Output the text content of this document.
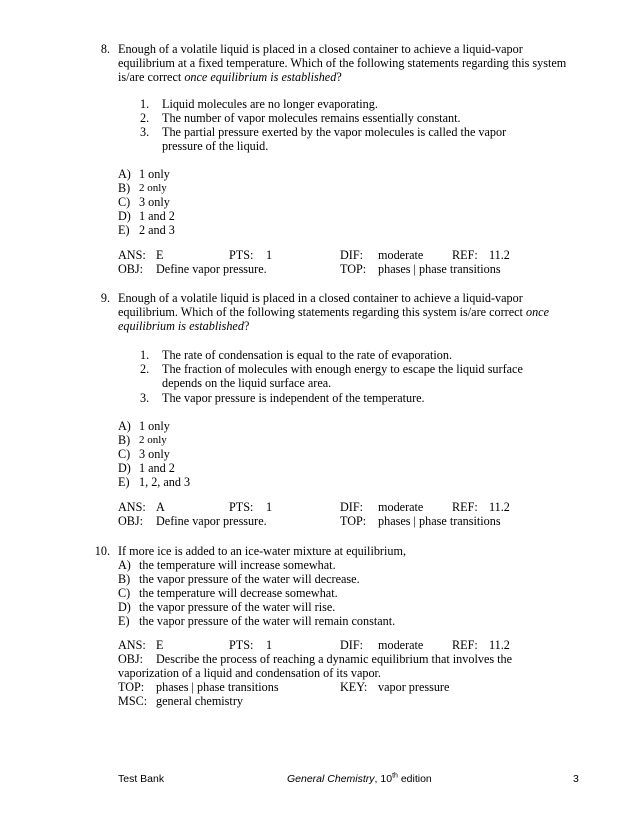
8. Enough of a volatile liquid is placed in a closed container to achieve a liquid-vapor
equilibrium at a fixed temperature. Which of the following statements regarding this system
is/are correct once equilibrium is established?
1. Liquid molecules are no longer evaporating.
2. The number of vapor molecules remains essentially constant.
3. The partial pressure exerted by the vapor molecules is called the vapor
pressure of the liquid.
A) 1 only
B) 2 only
C) 3 only
D) 1 and 2
E) 2 and 3
ANS: E	PTS: 1	DIF: moderate REF: 11.2
OBJ: Define vapor pressure.	TOP: phases | phase transitions
9. Enough of a volatile liquid is placed in a closed container to achieve a liquid-vapor
equilibrium. Which of the following statements regarding this system is/are correct once
equilibrium is established?
1. The rate of condensation is equal to the rate of evaporation.
2. The fraction of molecules with enough energy to escape the liquid surface
depends on the liquid surface area.
3. The vapor pressure is independent of the temperature.
A) 1 only
B) 2 only
C) 3 only
D) 1 and 2
E) 1, 2, and 3
ANS: A	PTS: 1	DIF: moderate REF: 11.2
OBJ: Define vapor pressure.	TOP: phases | phase transitions
10. If more ice is added to an ice-water mixture at equilibrium,
A) the temperature will increase somewhat.
B) the vapor pressure of the water will decrease.
C) the temperature will decrease somewhat.
D) the vapor pressure of the water will rise.
E) the vapor pressure of the water will remain constant.
ANS: E	PTS: 1	DIF: moderate REF: 11.2
OBJ: Describe the process of reaching a dynamic equilibrium that involves the
vaporization of a liquid and condensation of its vapor.
TOP: phases | phase transitions	KEY: vapor pressure
MSC: general chemistry
Test Bank	General Chemistry, 10th edition	3
